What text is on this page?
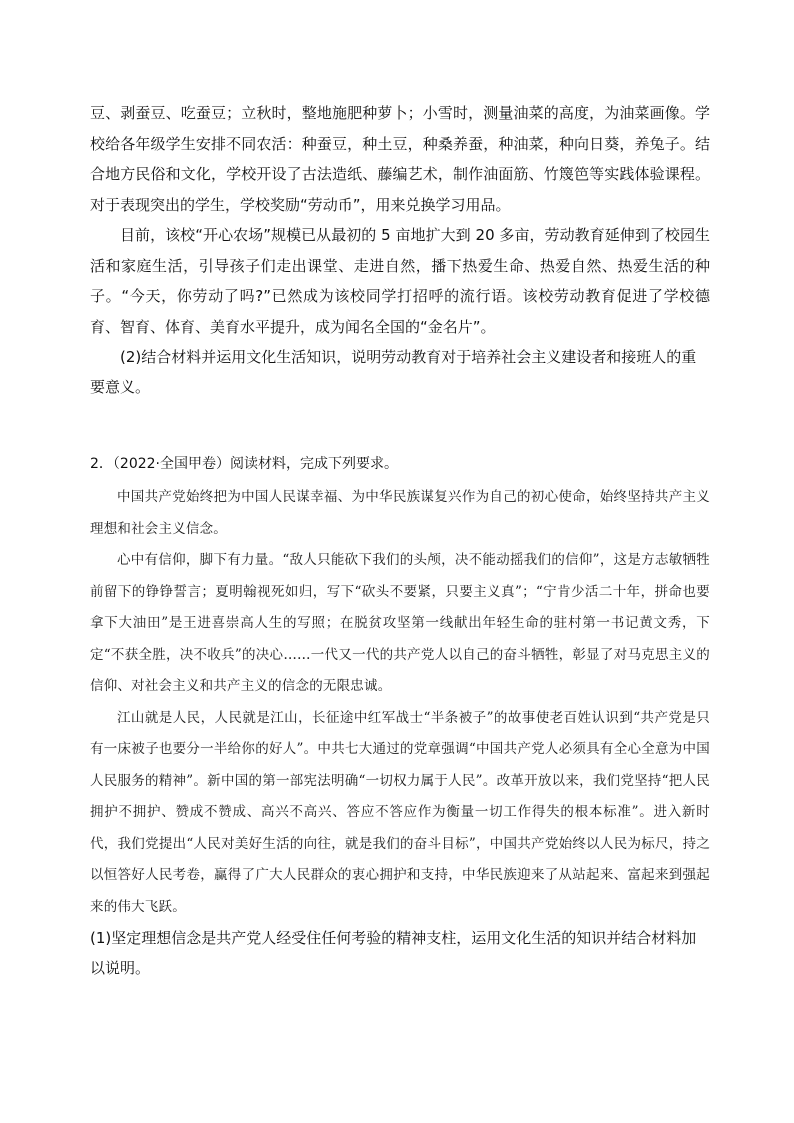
豆、剥蚕豆、吃蚕豆；立秋时，整地施肥种萝卜；小雪时，测量油菜的高度，为油菜画像。学校给各年级学生安排不同农活：种蚕豆，种土豆，种桑养蚕，种油菜，种向日葵，养兔子。结合地方民俗和文化，学校开设了古法造纸、藤编艺术，制作油面筋、竹篾笆等实践体验课程。对于表现突出的学生，学校奖励“劳动币”，用来兑换学习用品。

目前，该校“开心农场”规模已从最初的 5 亩地扩大到 20 多亩，劳动教育延伸到了校园生活和家庭生活，引导孩子们走出课堂、走进自然，播下热爱生命、热爱自然、热爱生活的种子。“今天，你劳动了吗?”已然成为该校同学打招呼的流行语。该校劳动教育促进了学校德育、智育、体育、美育水平提升，成为闻名全国的“金名片”。

(2)结合材料并运用文化生活知识，说明劳动教育对于培养社会主义建设者和接班人的重要意义。

2．（2022·全国甲卷）阅读材料，完成下列要求。

中国共产党始终把为中国人民谋幸福、为中华民族谋复兴作为自己的初心使命，始终坚持共产主义理想和社会主义信念。

心中有信仰，脚下有力量。“敌人只能砍下我们的头颅，决不能动摇我们的信仰”，这是方志敏牺牲前留下的铮铮誓言；夏明翰视死如归，写下“砍头不要紧，只要主义真”；“宁肯少活二十年，拼命也要拿下大油田”是王进喜崇高人生的写照；在脱贫攻坚第一线献出年轻生命的驻村第一书记黄文秀，下定“不获全胜，决不收兵”的决心……一代又一代的共产党人以自己的奋斗牺牲，彰显了对马克思主义的信仰、对社会主义和共产主义的信念的无限忠诚。

江山就是人民，人民就是江山，长征途中红军战士“半条被子”的故事使老百姓认识到“共产党是只有一床被子也要分一半给你的好人”。中共七大通过的党章强调“中国共产党人必须具有全心全意为中国人民服务的精神”。新中国的第一部宪法明确“一切权力属于人民”。改革开放以来，我们党坚持“把人民拥护不拥护、赞成不赞成、高兴不高兴、答应不答应作为衡量一切工作得失的根本标准”。进入新时代，我们党提出“人民对美好生活的向往，就是我们的奋斗目标”，中国共产党始终以人民为标尺，持之以恒答好人民考卷，赢得了广大人民群众的衷心拥护和支持，中华民族迎来了从站起来、富起来到强起来的伟大飞跃。

(1)坚定理想信念是共产党人经受住任何考验的精神支柱，运用文化生活的知识并结合材料加以说明。
